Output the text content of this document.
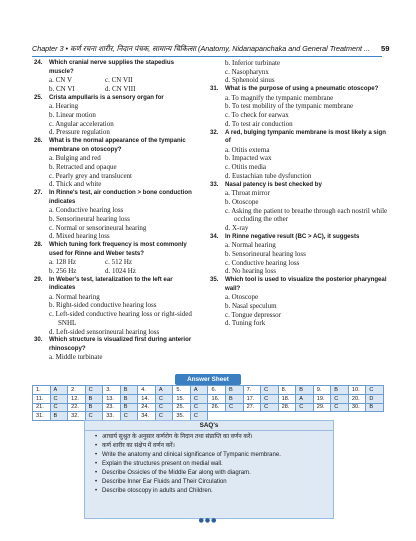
Chapter 3 • कर्ण रचना शारीर, निदान पंचक, सामान्य चिकित्सा (Anatomy, Nidanapanchaka and General Treatment ... 59
24.	Which cranial nerve supplies the stapedius muscle?
a. CN V	c. CN VII
b. CN VI	d. CN VIII
25.	Crista ampullaris is a sensory organ for
a. Hearing
b. Linear motion
c. Angular acceleration
d. Pressure regulation
26.	What is the normal appearance of the tympanic membrane on otoscopy?
a. Bulging and red
b. Retracted and opaque
c. Pearly grey and translucent
d. Thick and white
27.	In Rinne's test, air conduction > bone conduction indicates
a. Conductive hearing loss
b. Sensorineural hearing loss
c. Normal or sensorineural hearing
d. Mixed hearing loss
28.	Which tuning fork frequency is most commonly used for Rinne and Weber tests?
a. 128 Hz	c. 512 Hz
b. 256 Hz	d. 1024 Hz
29.	In Weber's test, lateralization to the left ear indicates
a. Normal hearing
b. Right-sided conductive hearing loss
c. Left-sided conductive hearing loss or right-sided SNHL
d. Left-sided sensorineural hearing loss
30.	Which structure is visualized first during anterior rhinoscopy?
a. Middle turbinate
b. Inferior turbinate
c. Nasopharynx
d. Sphenoid sinus
31.	What is the purpose of using a pneumatic otoscope?
a. To magnify the tympanic membrane
b. To test mobility of the tympanic membrane
c. To check for earwax
d. To test air conduction
32.	A red, bulging tympanic membrane is most likely a sign of
a. Otitis externa
b. Impacted wax
c. Otitis media
d. Eustachian tube dysfunction
33.	Nasal patency is best checked by
a. Throat mirror
b. Otoscope
c. Asking the patient to breathe through each nostril while occluding the other
d. X-ray
34.	In Rinne negative result (BC > AC), it suggests
a. Normal hearing
b. Sensorineural hearing loss
c. Conductive hearing loss
d. No hearing loss
35.	Which tool is used to visualize the posterior pharyngeal wall?
a. Otoscope
b. Nasal speculum
c. Tongue depressor
d. Tuning fork
Answer Sheet
1.	A	2.	C	3.	B	4.	A	5.	A	6.	B	7.	C	8.	B	9.	B	10.	C
11.	C	12.	B	13.	B	14.	C	15.	C	16.	B	17.	C	18.	A	19.	C	20.	D
21.	C	22.	B	23.	B	24.	C	25.	C	26.	C	27.	C	28.	C	29.	C	30.	B
31.	B	32.	C	33.	C	34.	C	35.	C										
SAQ's
• आचार्य सुश्रुत के अनुसार कर्णरोग के निदान तथा संप्राप्ति का वर्णन करें।
• कर्ण शारीर का संक्षेप में वर्णन करें।
• Write the anatomy and clinical significance of Tympanic membrane.
• Explain the structures present on medial wall.
• Describe Ossicles of the Middle Ear along with diagram.
• Describe Inner Ear Fluids and Their Circulation
• Describe otoscopy in adults and Children.
●●●
